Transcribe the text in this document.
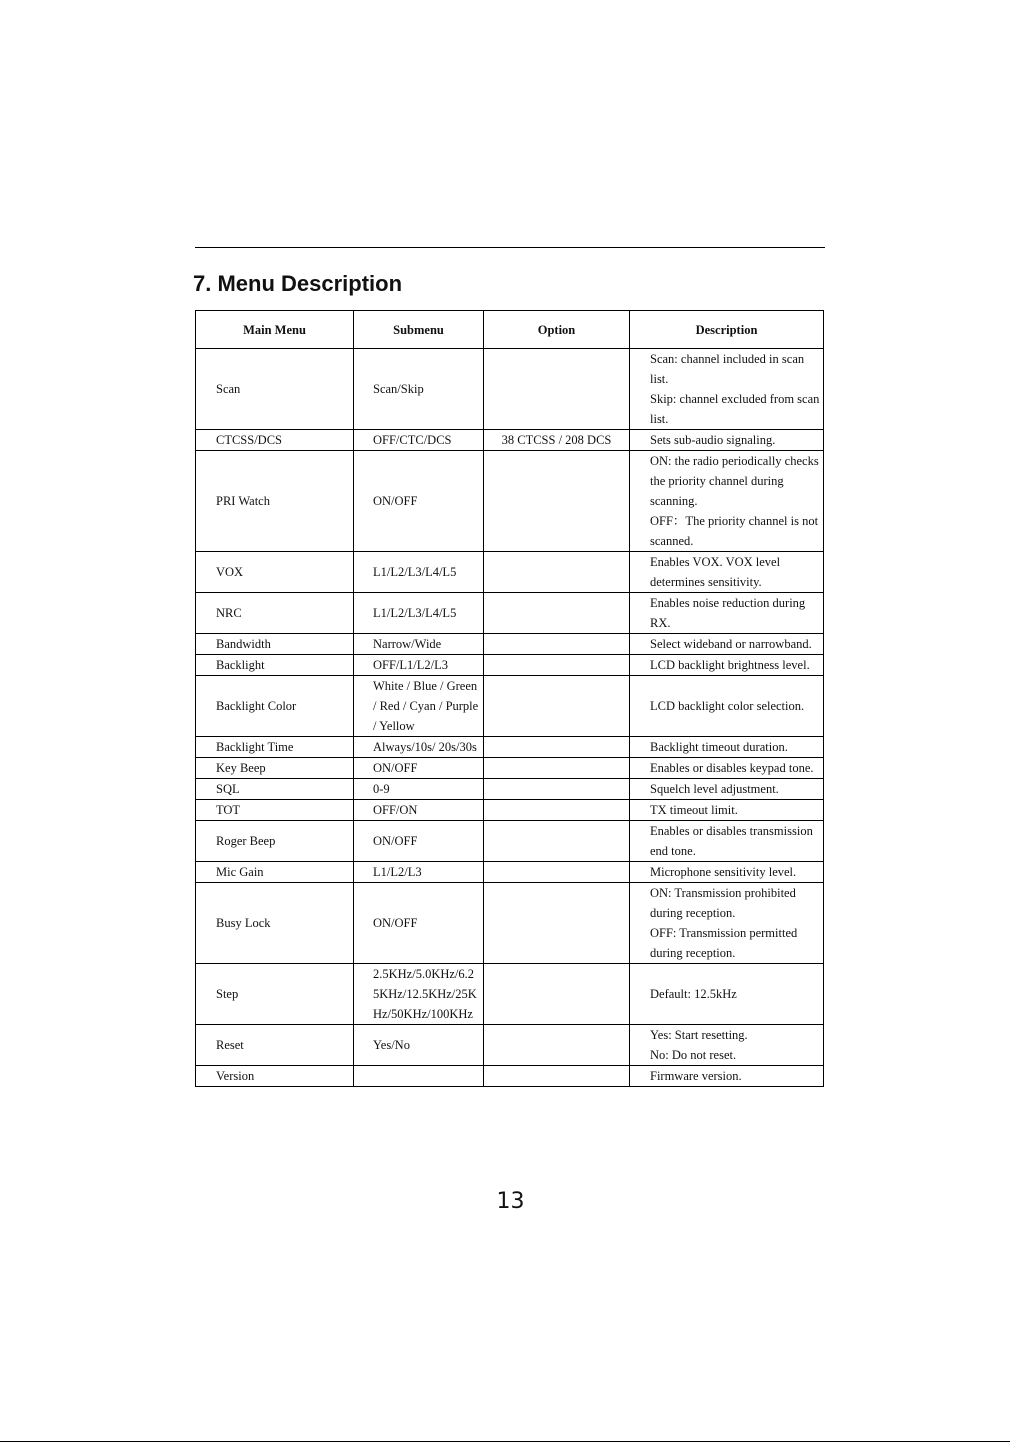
7. Menu Description
Main Menu	Submenu	Option	Description
Scan	Scan/Skip		Scan: channel included in scan list.
Skip: channel excluded from scan list.

CTCSS/DCS	OFF/CTC/DCS	38 CTCSS / 208 DCS	Sets sub-audio signaling.

PRI Watch	ON/OFF		ON: the radio periodically checks the priority channel during scanning.
OFF：The priority channel is not scanned.

VOX	L1/L2/L3/L4/L5		Enables VOX. VOX level determines sensitivity.

NRC	L1/L2/L3/L4/L5		Enables noise reduction during RX.

Bandwidth	Narrow/Wide		Select wideband or narrowband.

Backlight	OFF/L1/L2/L3		LCD backlight brightness level.

Backlight Color	White / Blue / Green / Red / Cyan / Purple / Yellow		LCD backlight color selection.

Backlight Time	Always/10s/ 20s/30s		Backlight timeout duration.

Key Beep	ON/OFF		Enables or disables keypad tone.

SQL	0-9		Squelch level adjustment.

TOT	OFF/ON		TX timeout limit.

Roger Beep	ON/OFF		Enables or disables transmission end tone.

Mic Gain	L1/L2/L3		Microphone sensitivity level.

Busy Lock	ON/OFF		ON: Transmission prohibited during reception.
OFF: Transmission permitted during reception.

Step	2.5KHz/5.0KHz/6.25KHz/12.5KHz/25KHz/50KHz/100KHz		Default: 12.5kHz

Reset	Yes/No		Yes: Start resetting.
No: Do not reset.

Version			Firmware version.
13
